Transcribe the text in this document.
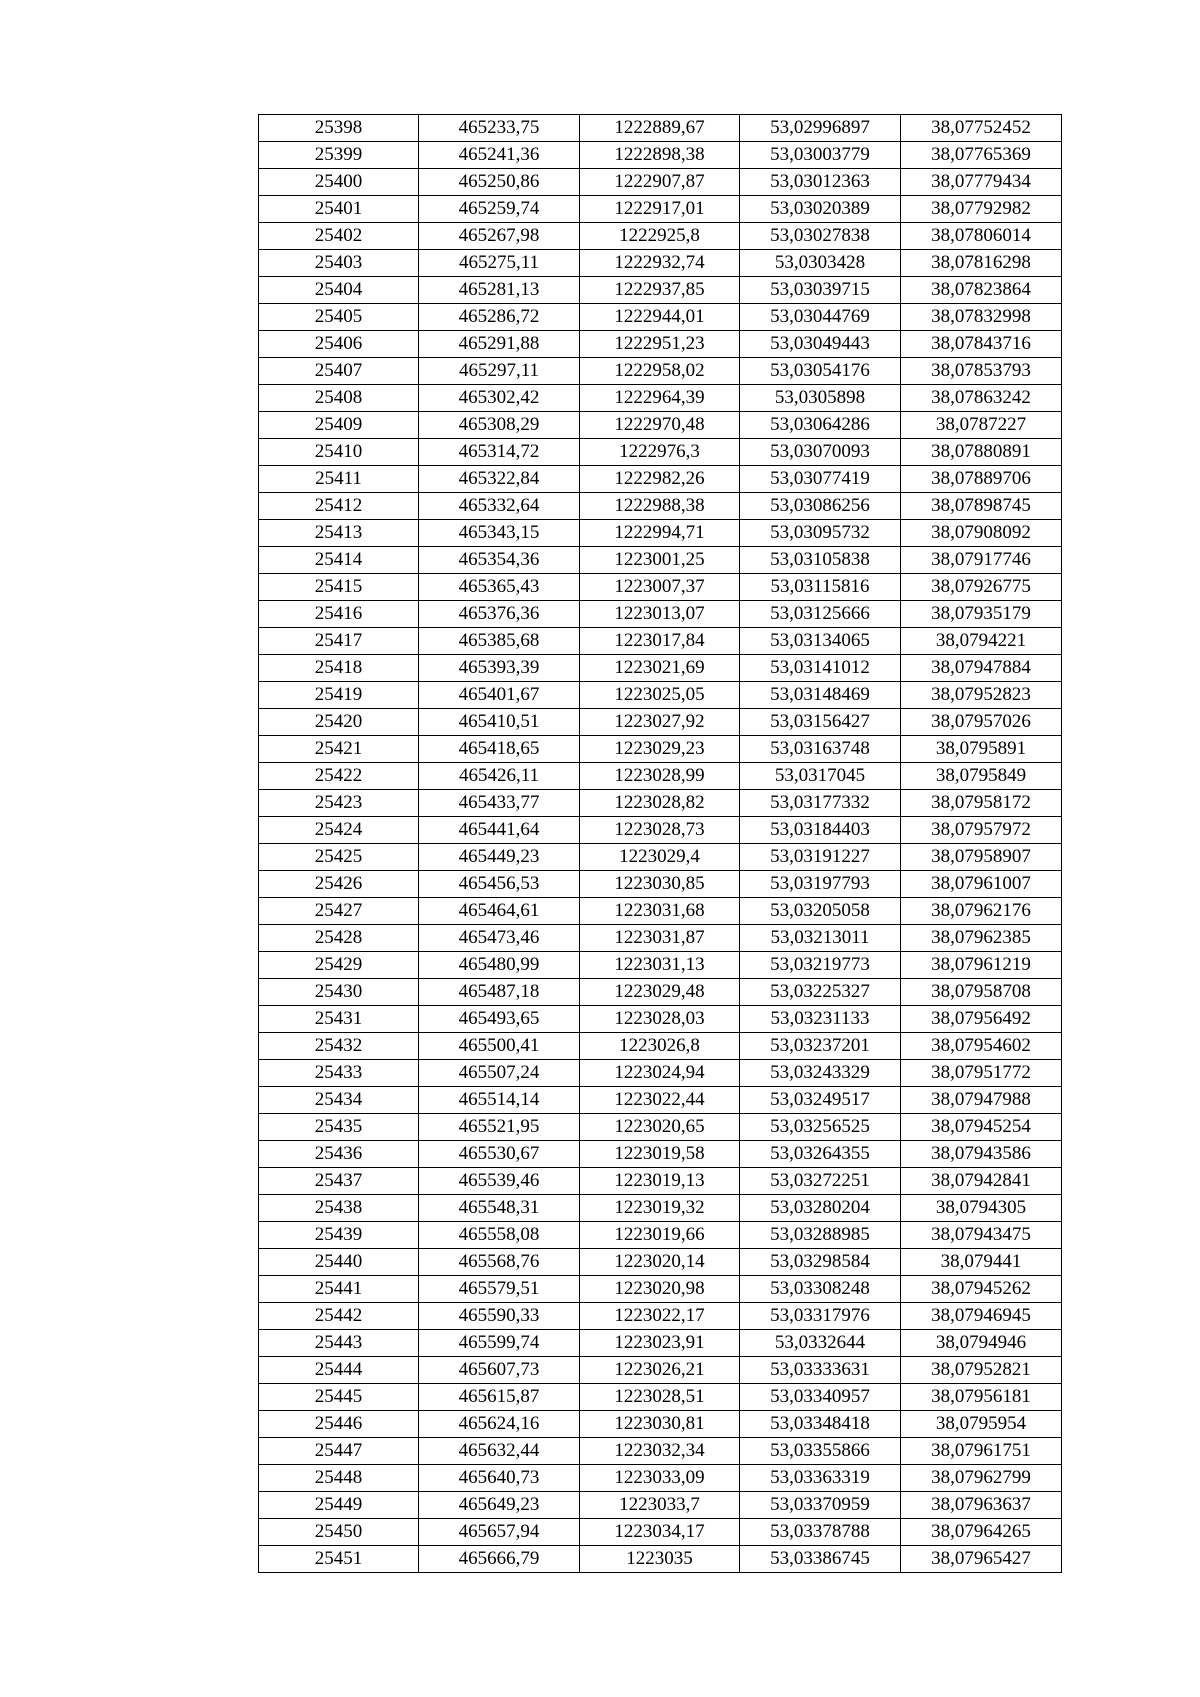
25398	465233,75	1222889,67	53,02996897	38,07752452
25399	465241,36	1222898,38	53,03003779	38,07765369
25400	465250,86	1222907,87	53,03012363	38,07779434
25401	465259,74	1222917,01	53,03020389	38,07792982
25402	465267,98	1222925,8	53,03027838	38,07806014
25403	465275,11	1222932,74	53,0303428	38,07816298
25404	465281,13	1222937,85	53,03039715	38,07823864
25405	465286,72	1222944,01	53,03044769	38,07832998
25406	465291,88	1222951,23	53,03049443	38,07843716
25407	465297,11	1222958,02	53,03054176	38,07853793
25408	465302,42	1222964,39	53,0305898	38,07863242
25409	465308,29	1222970,48	53,03064286	38,0787227
25410	465314,72	1222976,3	53,03070093	38,07880891
25411	465322,84	1222982,26	53,03077419	38,07889706
25412	465332,64	1222988,38	53,03086256	38,07898745
25413	465343,15	1222994,71	53,03095732	38,07908092
25414	465354,36	1223001,25	53,03105838	38,07917746
25415	465365,43	1223007,37	53,03115816	38,07926775
25416	465376,36	1223013,07	53,03125666	38,07935179
25417	465385,68	1223017,84	53,03134065	38,0794221
25418	465393,39	1223021,69	53,03141012	38,07947884
25419	465401,67	1223025,05	53,03148469	38,07952823
25420	465410,51	1223027,92	53,03156427	38,07957026
25421	465418,65	1223029,23	53,03163748	38,0795891
25422	465426,11	1223028,99	53,0317045	38,0795849
25423	465433,77	1223028,82	53,03177332	38,07958172
25424	465441,64	1223028,73	53,03184403	38,07957972
25425	465449,23	1223029,4	53,03191227	38,07958907
25426	465456,53	1223030,85	53,03197793	38,07961007
25427	465464,61	1223031,68	53,03205058	38,07962176
25428	465473,46	1223031,87	53,03213011	38,07962385
25429	465480,99	1223031,13	53,03219773	38,07961219
25430	465487,18	1223029,48	53,03225327	38,07958708
25431	465493,65	1223028,03	53,03231133	38,07956492
25432	465500,41	1223026,8	53,03237201	38,07954602
25433	465507,24	1223024,94	53,03243329	38,07951772
25434	465514,14	1223022,44	53,03249517	38,07947988
25435	465521,95	1223020,65	53,03256525	38,07945254
25436	465530,67	1223019,58	53,03264355	38,07943586
25437	465539,46	1223019,13	53,03272251	38,07942841
25438	465548,31	1223019,32	53,03280204	38,0794305
25439	465558,08	1223019,66	53,03288985	38,07943475
25440	465568,76	1223020,14	53,03298584	38,079441
25441	465579,51	1223020,98	53,03308248	38,07945262
25442	465590,33	1223022,17	53,03317976	38,07946945
25443	465599,74	1223023,91	53,0332644	38,0794946
25444	465607,73	1223026,21	53,03333631	38,07952821
25445	465615,87	1223028,51	53,03340957	38,07956181
25446	465624,16	1223030,81	53,03348418	38,0795954
25447	465632,44	1223032,34	53,03355866	38,07961751
25448	465640,73	1223033,09	53,03363319	38,07962799
25449	465649,23	1223033,7	53,03370959	38,07963637
25450	465657,94	1223034,17	53,03378788	38,07964265
25451	465666,79	1223035	53,03386745	38,07965427
